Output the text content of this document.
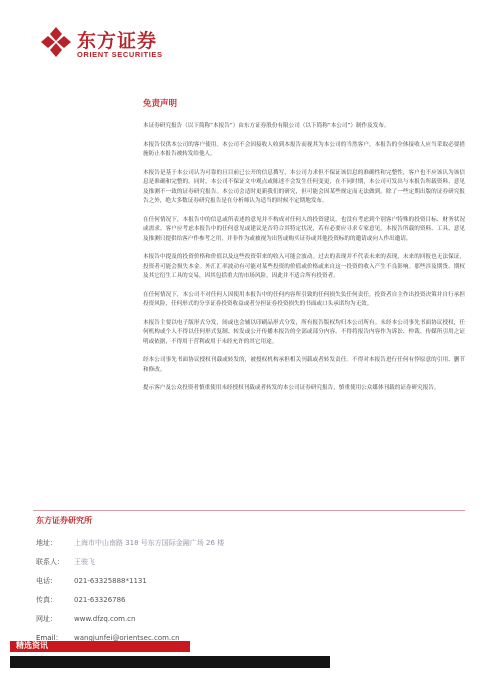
东方证券
ORIENT SECURITIES
免责声明

本证券研究报告（以下简称“本报告”）由东方证券股份有限公司（以下简称“本公司”）制作及发布。

本报告仅供本公司的客户使用。本公司不会因接收人收到本报告而视其为本公司的当然客户。本报告的全体接收人应当采取必要措施防止本报告被转发给他人。

本报告是基于本公司认为可靠的且目前已公开的信息撰写，本公司力求但不保证该信息的准确性和完整性，客户也不应该认为该信息是准确和完整的。同时，本公司不保证文中观点或陈述不会发生任何变更，在不同时期，本公司可发出与本报告所载资料、意见及推测不一致的证券研究报告。本公司会适时更新我们的研究，但可能会因某些规定而无法做到。除了一些定期出版的证券研究报告之外，绝大多数证券研究报告是在分析师认为适当的时候不定期地发布。

在任何情况下，本报告中的信息或所表述的意见并不构成对任何人的投资建议，也没有考虑到个别客户特殊的投资目标、财务状况或需求。客户应考虑本报告中的任何意见或建议是否符合其特定状况，若有必要应寻求专家意见。本报告所载的资料、工具、意见及推测只提供给客户作参考之用，并非作为或被视为出售或购买证券或其他投资标的的邀请或向人作出邀请。

本报告中提及的投资价格和价值以及这些投资带来的收入可能会波动。过去的表现并不代表未来的表现，未来的回报也无法保证，投资者可能会损失本金。外汇汇率波动有可能对某些投资的价值或价格或来自这一投资的收入产生不良影响。那些涉及期货、期权及其它衍生工具的交易，因其包括重大的市场风险，因此并不适合所有投资者。

在任何情况下，本公司不对任何人因使用本报告中的任何内容所引致的任何损失负任何责任，投资者自主作出投资决策并自行承担投资风险，任何形式的分享证券投资收益或者分担证券投资损失的书面或口头承诺均为无效。

本报告主要以电子版形式分发，间或也会辅以印刷品形式分发，所有报告版权均归本公司所有。未经本公司事先书面协议授权，任何机构或个人不得以任何形式复制、转发或公开传播本报告的全部或部分内容。不得将报告内容作为诉讼、仲裁、传媒所引用之证明或依据，不得用于营利或用于未经允许的其它用途。

经本公司事先书面协议授权刊载或转发的，被授权机构承担相关刊载或者转发责任。不得对本报告进行任何有悖原意的引用、删节和修改。

提示客户及公众投资者慎重使用未经授权刊载或者转发的本公司证券研究报告，慎重使用公众媒体刊载的证券研究报告。

东方证券研究所
地址：	上海市中山南路 318 号东方国际金融广场 26 楼
联系人：	王骏飞
电话：	021-63325888*1131
传真：	021-63326786
网址：	www.dfzq.com.cn
Email：	wangjunfei@orientsec.com.cn
精选资讯
